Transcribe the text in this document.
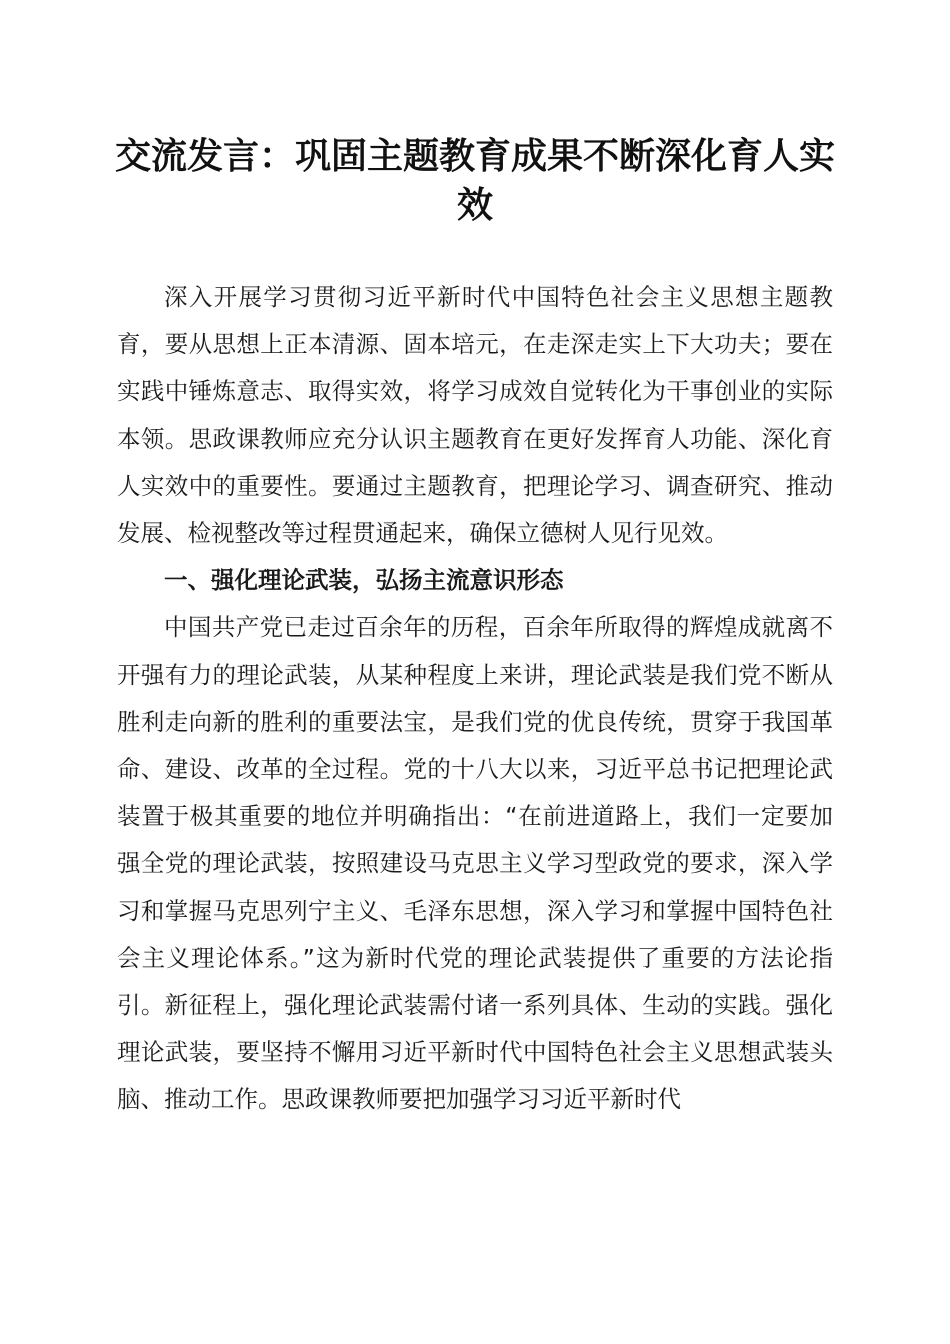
交流发言：巩固主题教育成果不断深化育人实效

深入开展学习贯彻习近平新时代中国特色社会主义思想主题教育，要从思想上正本清源、固本培元，在走深走实上下大功夫；要在实践中锤炼意志、取得实效，将学习成效自觉转化为干事创业的实际本领。思政课教师应充分认识主题教育在更好发挥育人功能、深化育人实效中的重要性。要通过主题教育，把理论学习、调查研究、推动发展、检视整改等过程贯通起来，确保立德树人见行见效。

一、强化理论武装，弘扬主流意识形态

中国共产党已走过百余年的历程，百余年所取得的辉煌成就离不开强有力的理论武装，从某种程度上来讲，理论武装是我们党不断从胜利走向新的胜利的重要法宝，是我们党的优良传统，贯穿于我国革命、建设、改革的全过程。党的十八大以来，习近平总书记把理论武装置于极其重要的地位并明确指出：“在前进道路上，我们一定要加强全党的理论武装，按照建设马克思主义学习型政党的要求，深入学习和掌握马克思列宁主义、毛泽东思想，深入学习和掌握中国特色社会主义理论体系。”这为新时代党的理论武装提供了重要的方法论指引。新征程上，强化理论武装需付诸一系列具体、生动的实践。强化理论武装，要坚持不懈用习近平新时代中国特色社会主义思想武装头脑、推动工作。思政课教师要把加强学习习近平新时代
